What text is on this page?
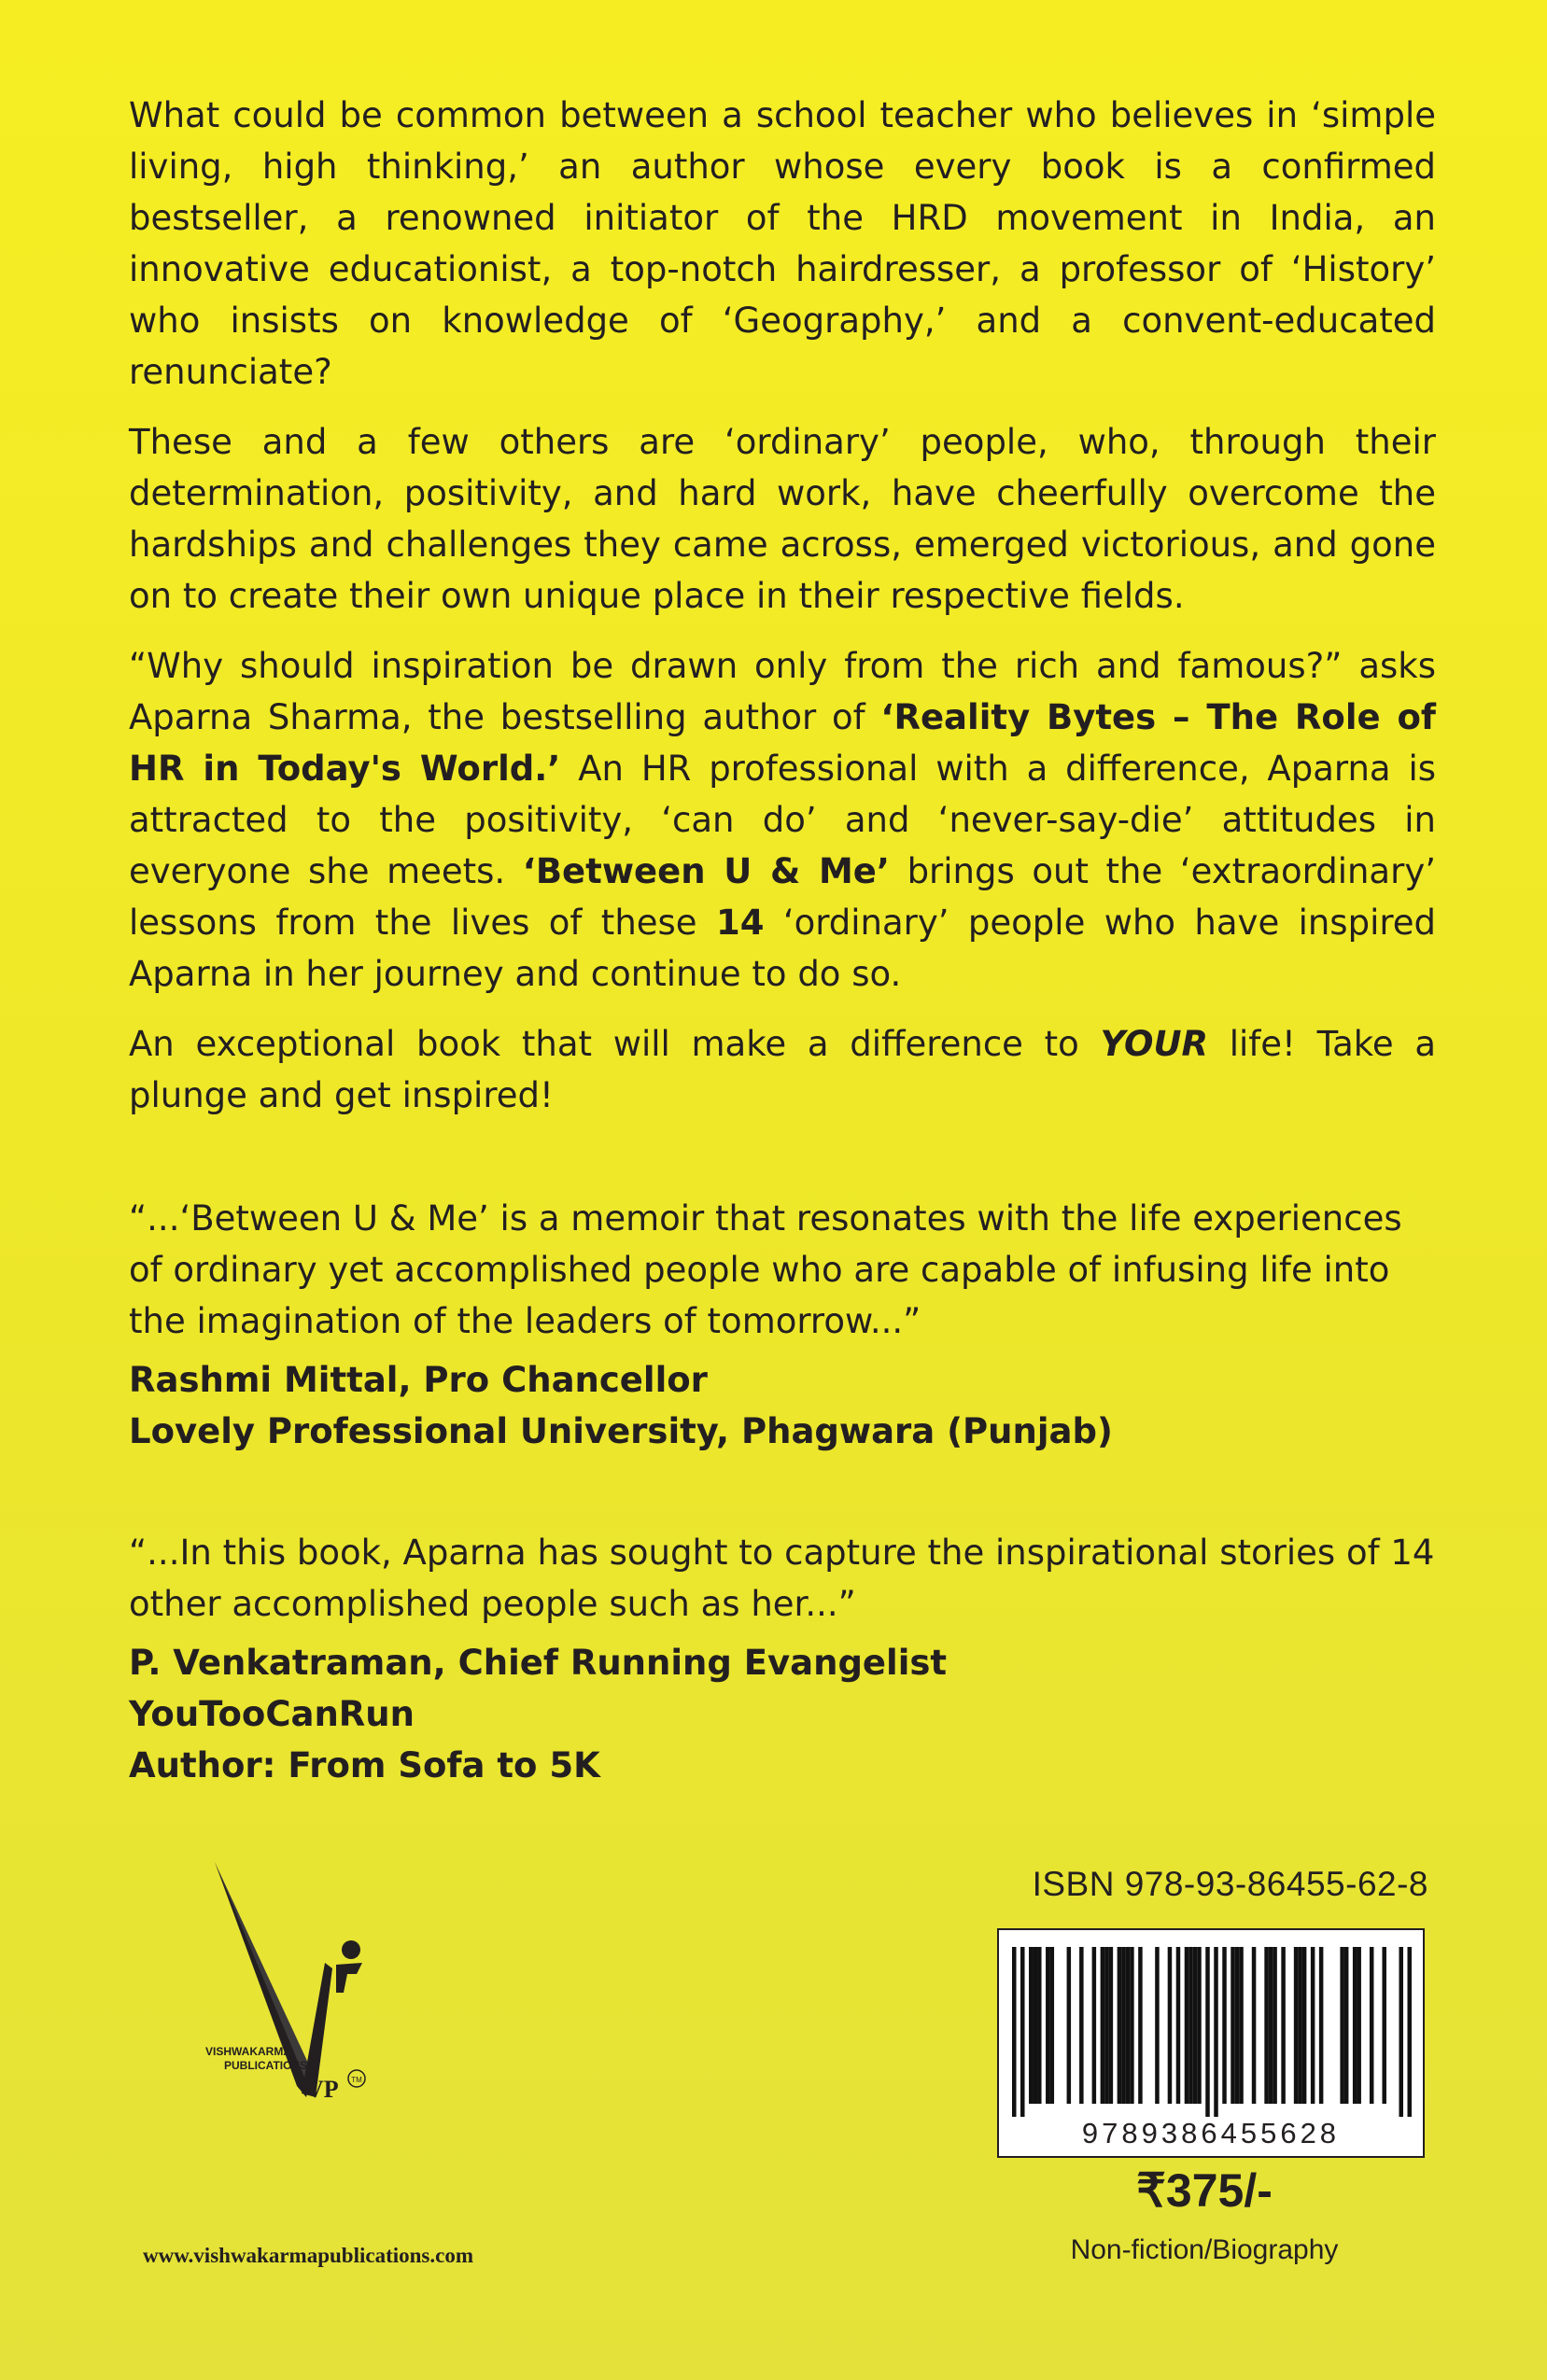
What could be common between a school teacher who believes in ‘simple living, high thinking,’ an author whose every book is a confirmed bestseller, a renowned initiator of the HRD movement in India, an innovative educationist, a top-notch hairdresser, a professor of ‘History’ who insists on knowledge of ‘Geography,’ and a convent-educated renunciate?

These and a few others are ‘ordinary’ people, who, through their determination, positivity, and hard work, have cheerfully overcome the hardships and challenges they came across, emerged victorious, and gone on to create their own unique place in their respective fields.

“Why should inspiration be drawn only from the rich and famous?” asks Aparna Sharma, the bestselling author of ‘Reality Bytes – The Role of HR in Today's World.’ An HR professional with a difference, Aparna is attracted to the positivity, ‘can do’ and ‘never-say-die’ attitudes in everyone she meets. ‘Between U & Me’ brings out the ‘extraordinary’ lessons from the lives of these 14 ‘ordinary’ people who have inspired Aparna in her journey and continue to do so.

An exceptional book that will make a difference to YOUR life! Take a plunge and get inspired!

“...‘Between U & Me’ is a memoir that resonates with the life experiences of ordinary yet accomplished people who are capable of infusing life into the imagination of the leaders of tomorrow...”

Rashmi Mittal, Pro Chancellor
Lovely Professional University, Phagwara (Punjab)

“...In this book, Aparna has sought to capture the inspirational stories of 14 other accomplished people such as her...”

P. Venkatraman, Chief Running Evangelist
YouTooCanRun
Author: From Sofa to 5K
VISHWAKARMA
PUBLICATIONS
VP TM
www.vishwakarmapublications.com
ISBN 978-93-86455-62-8
9789386455628
₹375/-
Non-fiction/Biography
